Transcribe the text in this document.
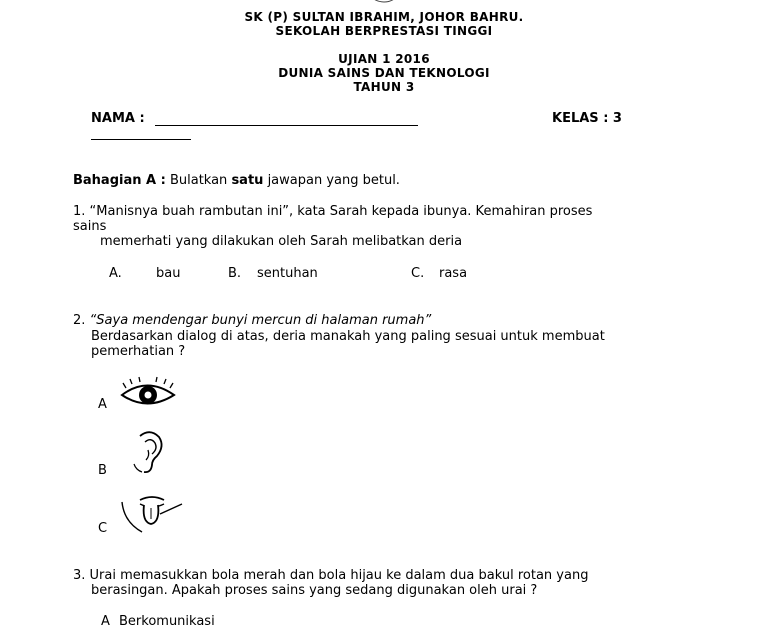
SK (P) SULTAN IBRAHIM, JOHOR BAHRU.
SEKOLAH BERPRESTASI TINGGI
UJIAN 1 2016
DUNIA SAINS DAN TEKNOLOGI
TAHUN 3
NAMA :	KELAS : 3
Bahagian A : Bulatkan satu jawapan yang betul.
1. “Manisnya buah rambutan ini”, kata Sarah kepada ibunya. Kemahiran proses
sains
memerhati yang dilakukan oleh Sarah melibatkan deria
A.	bau	B. sentuhan	C. rasa
2. “Saya mendengar bunyi mercun di halaman rumah”
Berdasarkan dialog di atas, deria manakah yang paling sesuai untuk membuat
pemerhatian ?
A
B
C
3. Urai memasukkan bola merah dan bola hijau ke dalam dua bakul rotan yang
berasingan. Apakah proses sains yang sedang digunakan oleh urai ?
A Berkomunikasi
